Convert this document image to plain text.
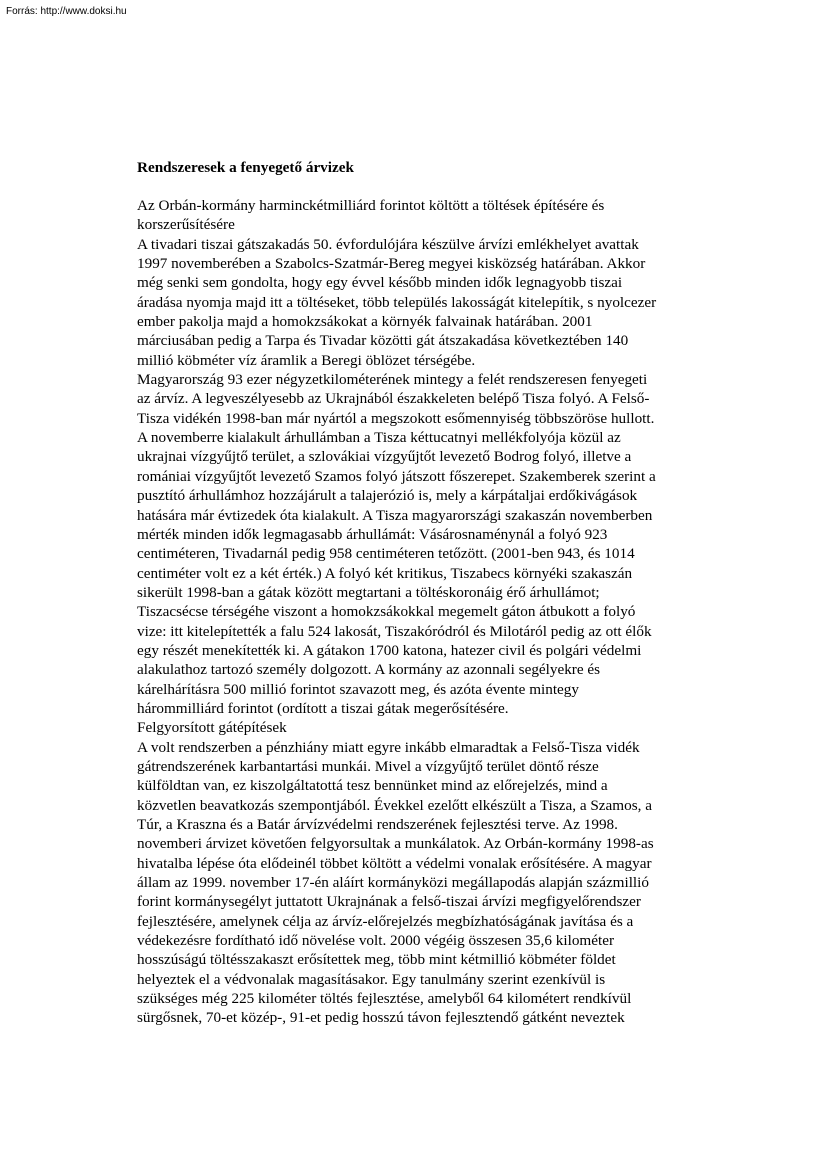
Forrás: http://www.doksi.hu
Rendszeresek a fenyegető árvizek
Az Orbán-kormány harminckétmilliárd forintot költött a töltések építésére és
korszerűsítésére
A tivadari tiszai gátszakadás 50. évfordulójára készülve árvízi emlékhelyet avattak
1997 novemberében a Szabolcs-Szatmár-Bereg megyei kisközség határában. Akkor
még senki sem gondolta, hogy egy évvel később minden idők legnagyobb tiszai
áradása nyomja majd itt a töltéseket, több település lakosságát kitelepítik, s nyolcezer
ember pakolja majd a homokzsákokat a környék falvainak határában. 2001
márciusában pedig a Tarpa és Tivadar közötti gát átszakadása következtében 140
millió köbméter víz áramlik a Beregi öblözet térségébe.
Magyarország 93 ezer négyzetkilométerének mintegy a felét rendszeresen fenyegeti
az árvíz. A legveszélyesebb az Ukrajnából északkeleten belépő Tisza folyó. A Felső-
Tisza vidékén 1998-ban már nyártól a megszokott esőmennyiség többszöröse hullott.
A novemberre kialakult árhullámban a Tisza kéttucatnyi mellékfolyója közül az
ukrajnai vízgyűjtő terület, a szlovákiai vízgyűjtőt levezető Bodrog folyó, illetve a
romániai vízgyűjtőt levezető Szamos folyó játszott főszerepet. Szakemberek szerint a
pusztító árhullámhoz hozzájárult a talajerózió is, mely a kárpátaljai erdőkivágások
hatására már évtizedek óta kialakult. A Tisza magyarországi szakaszán novemberben
mérték minden idők legmagasabb árhullámát: Vásárosnaménynál a folyó 923
centiméteren, Tivadarnál pedig 958 centiméteren tetőzött. (2001-ben 943, és 1014
centiméter volt ez a két érték.) A folyó két kritikus, Tiszabecs környéki szakaszán
sikerült 1998-ban a gátak között megtartani a töltéskoronáig érő árhullámot;
Tiszacsécse térségéhe viszont a homokzsákokkal megemelt gáton átbukott a folyó
vize: itt kitelepítették a falu 524 lakosát, Tiszakóródról és Milotáról pedig az ott élők
egy részét menekítették ki. A gátakon 1700 katona, hatezer civil és polgári védelmi
alakulathoz tartozó személy dolgozott. A kormány az azonnali segélyekre és
kárelhárításra 500 millió forintot szavazott meg, és azóta évente mintegy
hárommilliárd forintot (ordított a tiszai gátak megerősítésére.
Felgyorsított gátépítések
A volt rendszerben a pénzhiány miatt egyre inkább elmaradtak a Felső-Tisza vidék
gátrendszerének karbantartási munkái. Mivel a vízgyűjtő terület döntő része
külföldtan van, ez kiszolgáltatottá tesz bennünket mind az előrejelzés, mind a
közvetlen beavatkozás szempontjából. Évekkel ezelőtt elkészült a Tisza, a Szamos, a
Túr, a Kraszna és a Batár árvízvédelmi rendszerének fejlesztési terve. Az 1998.
novemberi árvizet követően felgyorsultak a munkálatok. Az Orbán-kormány 1998-as
hivatalba lépése óta elődeinél többet költött a védelmi vonalak erősítésére. A magyar
állam az 1999. november 17-én aláírt kormányközi megállapodás alapján százmillió
forint kormánysegélyt juttatott Ukrajnának a felső-tiszai árvízi megfigyelőrendszer
fejlesztésére, amelynek célja az árvíz-előrejelzés megbízhatóságának javítása és a
védekezésre fordítható idő növelése volt. 2000 végéig összesen 35,6 kilométer
hosszúságú töltésszakaszt erősítettek meg, több mint kétmillió köbméter földet
helyeztek el a védvonalak magasításakor. Egy tanulmány szerint ezenkívül is
szükséges még 225 kilométer töltés fejlesztése, amelyből 64 kilométert rendkívül
sürgősnek, 70-et közép-, 91-et pedig hosszú távon fejlesztendő gátként neveztek
